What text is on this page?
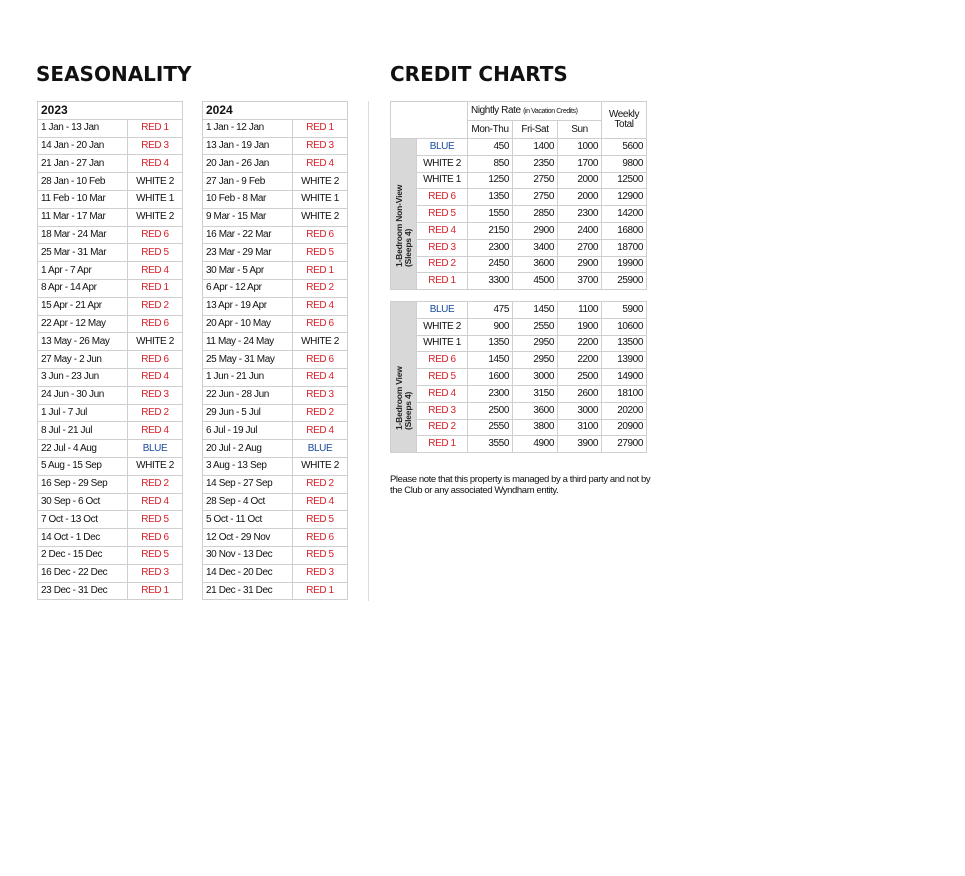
SEASONALITY	CREDIT CHARTS
2023	
1 Jan - 13 Jan	RED 1
14 Jan - 20 Jan	RED 3
21 Jan - 27 Jan	RED 4
28 Jan - 10 Feb	WHITE 2
11 Feb - 10 Mar	WHITE 1
11 Mar - 17 Mar	WHITE 2
18 Mar - 24 Mar	RED 6
25 Mar - 31 Mar	RED 5
1 Apr - 7 Apr	RED 4
8 Apr - 14 Apr	RED 1
15 Apr - 21 Apr	RED 2
22 Apr - 12 May	RED 6
13 May - 26 May	WHITE 2
27 May - 2 Jun	RED 6
3 Jun - 23 Jun	RED 4
24 Jun - 30 Jun	RED 3
1 Jul - 7 Jul	RED 2
8 Jul - 21 Jul	RED 4
22 Jul - 4 Aug	BLUE
5 Aug - 15 Sep	WHITE 2
16 Sep - 29 Sep	RED 2
30 Sep - 6 Oct	RED 4
7 Oct - 13 Oct	RED 5
14 Oct - 1 Dec	RED 6
2 Dec - 15 Dec	RED 5
16 Dec - 22 Dec	RED 3
23 Dec - 31 Dec	RED 1
2024	
1 Jan - 12 Jan	RED 1
13 Jan - 19 Jan	RED 3
20 Jan - 26 Jan	RED 4
27 Jan - 9 Feb	WHITE 2
10 Feb - 8 Mar	WHITE 1
9 Mar - 15 Mar	WHITE 2
16 Mar - 22 Mar	RED 6
23 Mar - 29 Mar	RED 5
30 Mar - 5 Apr	RED 1
6 Apr - 12 Apr	RED 2
13 Apr - 19 Apr	RED 4
20 Apr - 10 May	RED 6
11 May - 24 May	WHITE 2
25 May - 31 May	RED 6
1 Jun - 21 Jun	RED 4
22 Jun - 28 Jun	RED 3
29 Jun - 5 Jul	RED 2
6 Jul - 19 Jul	RED 4
20 Jul - 2 Aug	BLUE
3 Aug - 13 Sep	WHITE 2
14 Sep - 27 Sep	RED 2
28 Sep - 4 Oct	RED 4
5 Oct - 11 Oct	RED 5
12 Oct - 29 Nov	RED 6
30 Nov - 13 Dec	RED 5
14 Dec - 20 Dec	RED 3
21 Dec - 31 Dec	RED 1
		Nightly Rate (in Vacation Credits)			Weekly
Total
		Mon-Thu	Fri-Sat	Sun	

1-Bedroom Non-View
(Sleeps 4)	BLUE	450	1400	1000	5600
	WHITE 2	850	2350	1700	9800
	WHITE 1	1250	2750	2000	12500
	RED 6	1350	2750	2000	12900
	RED 5	1550	2850	2300	14200
	RED 4	2150	2900	2400	16800
	RED 3	2300	3400	2700	18700
	RED 2	2450	3600	2900	19900
	RED 1	3300	4500	3700	25900
1-Bedroom View
(Sleeps 4)	BLUE	475	1450	1100	5900
	WHITE 2	900	2550	1900	10600
	WHITE 1	1350	2950	2200	13500
	RED 6	1450	2950	2200	13900
	RED 5	1600	3000	2500	14900
	RED 4	2300	3150	2600	18100
	RED 3	2500	3600	3000	20200
	RED 2	2550	3800	3100	20900
	RED 1	3550	4900	3900	27900

Please note that this property is managed by a third party and not by the Club or any associated Wyndham entity.
